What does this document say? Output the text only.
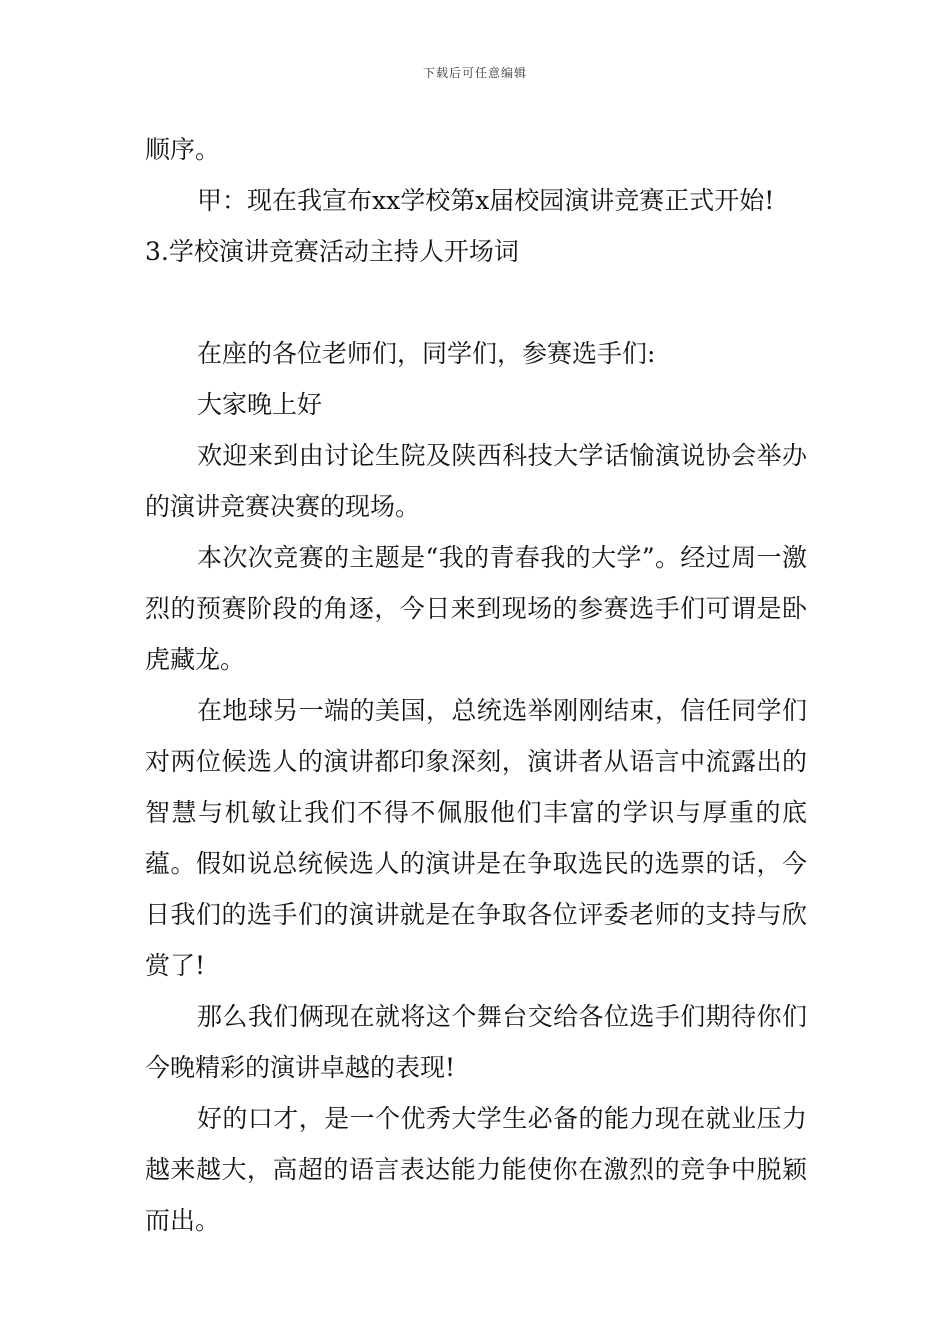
下载后可任意编辑

顺序。

甲：现在我宣布xx学校第x届校园演讲竞赛正式开始!

3.学校演讲竞赛活动主持人开场词

在座的各位老师们，同学们，参赛选手们:

大家晚上好

欢迎来到由讨论生院及陕西科技大学话愉演说协会举办的演讲竞赛决赛的现场。

本次次竞赛的主题是“我的青春我的大学”。经过周一激烈的预赛阶段的角逐，今日来到现场的参赛选手们可谓是卧虎藏龙。

在地球另一端的美国，总统选举刚刚结束，信任同学们对两位候选人的演讲都印象深刻，演讲者从语言中流露出的智慧与机敏让我们不得不佩服他们丰富的学识与厚重的底蕴。假如说总统候选人的演讲是在争取选民的选票的话，今日我们的选手们的演讲就是在争取各位评委老师的支持与欣赏了!

那么我们俩现在就将这个舞台交给各位选手们期待你们今晚精彩的演讲卓越的表现!

好的口才，是一个优秀大学生必备的能力现在就业压力越来越大，高超的语言表达能力能使你在激烈的竞争中脱颖而出。
